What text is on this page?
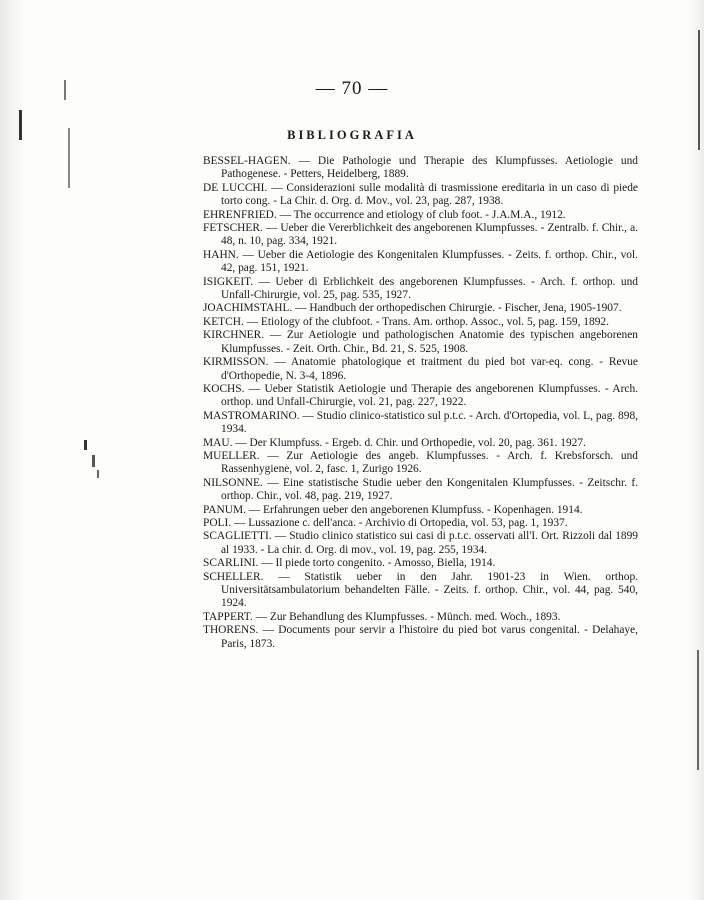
— 70 —
BIBLIOGRAFIA

BESSEL-HAGEN. — Die Pathologie und Therapie des Klumpfusses. Aetiologie und Pathogenese. - Petters, Heidelberg, 1889.

DE LUCCHI. — Considerazioni sulle modalità di trasmissione ereditaria in un caso di piede torto cong. - La Chir. d. Org. d. Mov., vol. 23, pag. 287, 1938.

EHRENFRIED. — The occurrence and etiology of club foot. - J.A.M.A., 1912.

FETSCHER. — Ueber die Vererblichkeit des angeborenen Klumpfusses. - Zentralb. f. Chir., a. 48, n. 10, pag. 334, 1921.

HAHN. — Ueber die Aetiologie des Kongenitalen Klumpfusses. - Zeits. f. orthop. Chir., vol. 42, pag. 151, 1921.

ISIGKEIT. — Ueber di Erblichkeit des angeborenen Klumpfusses. - Arch. f. orthop. und Unfall-Chirurgie, vol. 25, pag. 535, 1927.

JOACHIMSTAHL. — Handbuch der orthopedischen Chirurgie. - Fischer, Jena, 1905-1907.

KETCH. — Etiology of the clubfoot. - Trans. Am. orthop. Assoc., vol. 5, pag. 159, 1892.

KIRCHNER. — Zur Aetiologie und pathologischen Anatomie des typischen angeborenen Klumpfusses. - Zeit. Orth. Chir., Bd. 21, S. 525, 1908.

KIRMISSON. — Anatomie phatologique et traitment du pied bot var-eq. cong. - Revue d'Orthopedie, N. 3-4, 1896.

KOCHS. — Ueber Statistik Aetiologie und Therapie des angeborenen Klumpfusses. - Arch. orthop. und Unfall-Chirurgie, vol. 21, pag. 227, 1922.

MASTROMARINO. — Studio clinico-statistico sul p.t.c. - Arch. d'Ortopedia, vol. L, pag. 898, 1934.

MAU. — Der Klumpfuss. - Ergeb. d. Chir. und Orthopedie, vol. 20, pag. 361. 1927.

MUELLER. — Zur Aetiologie des angeb. Klumpfusses. - Arch. f. Krebsforsch. und Rassenhygiene, vol. 2, fasc. 1, Zurigo 1926.

NILSONNE. — Eine statistische Studie ueber den Kongenitalen Klumpfusses. - Zeitschr. f. orthop. Chir., vol. 48, pag. 219, 1927.

PANUM. — Erfahrungen ueber den angeborenen Klumpfuss. - Kopenhagen. 1914.

POLI. — Lussazione c. dell'anca. - Archivio di Ortopedia, vol. 53, pag. 1, 1937.

SCAGLIETTI. — Studio clinico statistico sui casi di p.t.c. osservati all'I. Ort. Rizzoli dal 1899 al 1933. - La chir. d. Org. di mov., vol. 19, pag. 255, 1934.

SCARLINI. — Il piede torto congenito. - Amosso, Biella, 1914.

SCHELLER. — Statistik ueber in den Jahr. 1901-23 in Wien. orthop. Universitätsambulatorium behandelten Fälle. - Zeits. f. orthop. Chir., vol. 44, pag. 540, 1924.

TAPPERT. — Zur Behandlung des Klumpfusses. - Münch. med. Woch., 1893.

THORENS. — Documents pour servir a l'histoire du pied bot varus congenital. - Delahaye, Paris, 1873.
